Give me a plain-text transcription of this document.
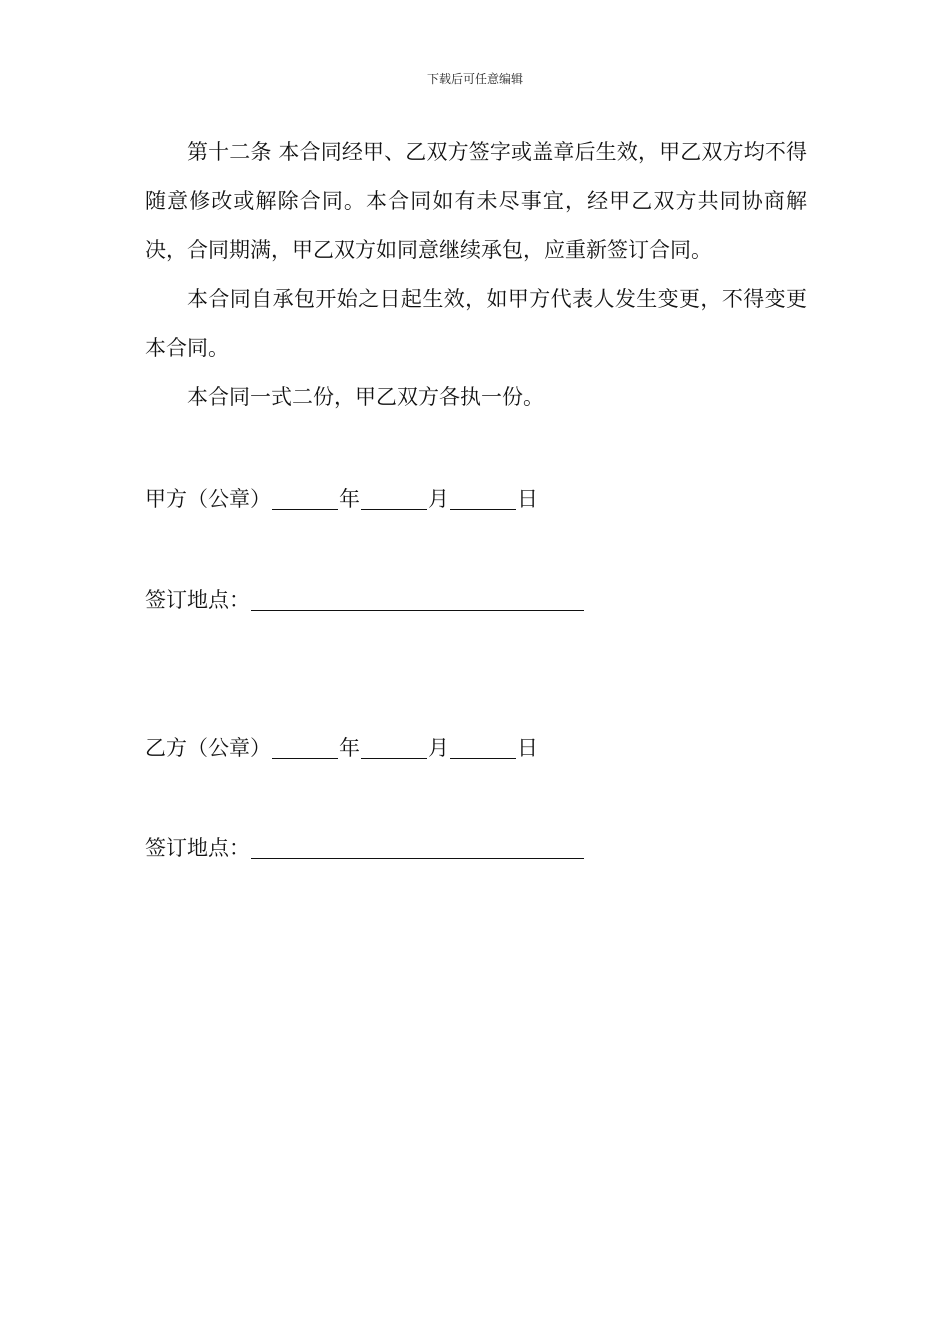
下载后可任意编辑

第十二条 本合同经甲、乙双方签字或盖章后生效，甲乙双方均不得随意修改或解除合同。本合同如有未尽事宜，经甲乙双方共同协商解决，合同期满，甲乙双方如同意继续承包，应重新签订合同。

本合同自承包开始之日起生效，如甲方代表人发生变更，不得变更本合同。

本合同一式二份，甲乙双方各执一份。

甲方（公章）	年	月	日
签订地点：
乙方（公章）	年	月	日
签订地点：
